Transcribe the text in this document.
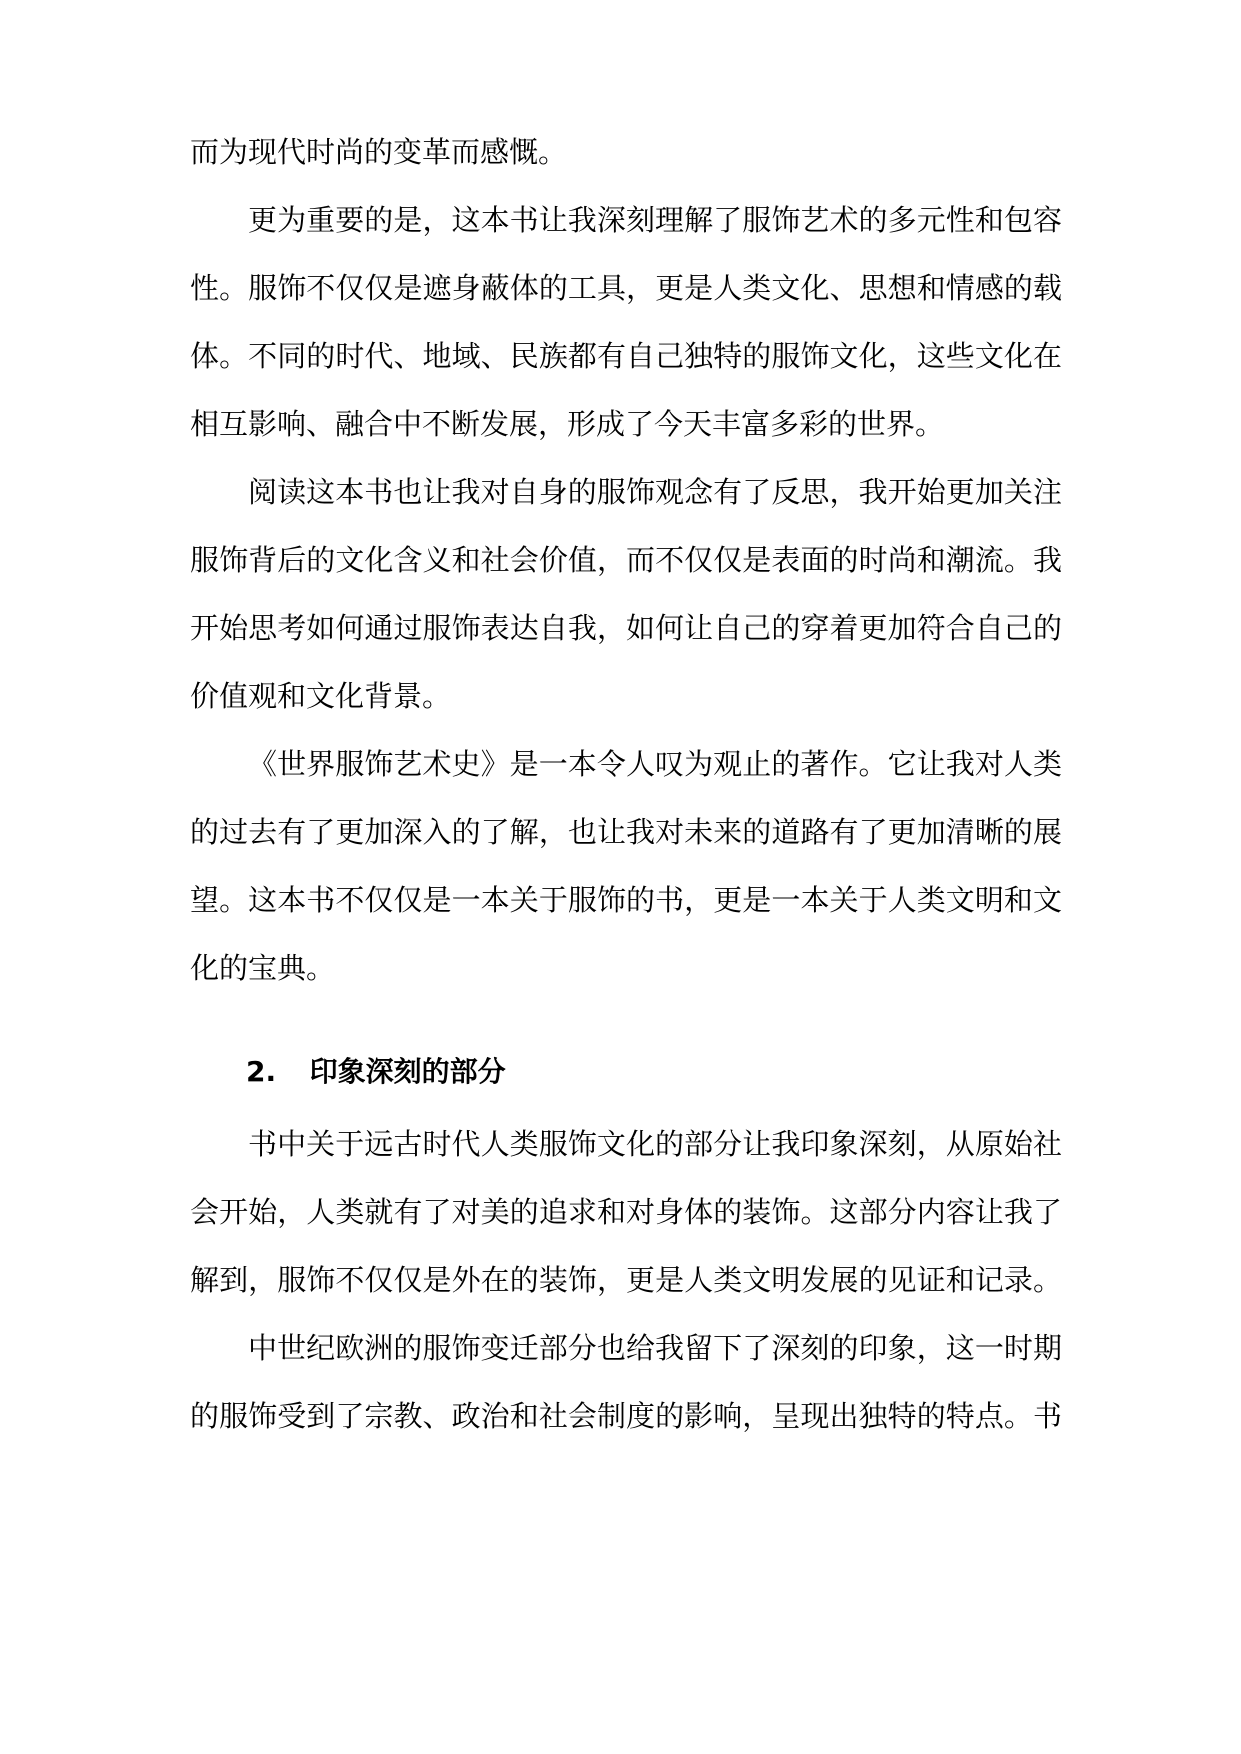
而为现代时尚的变革而感慨。
更为重要的是，这本书让我深刻理解了服饰艺术的多元性和包容
性。服饰不仅仅是遮身蔽体的工具，更是人类文化、思想和情感的载
体。不同的时代、地域、民族都有自己独特的服饰文化，这些文化在
相互影响、融合中不断发展，形成了今天丰富多彩的世界。
阅读这本书也让我对自身的服饰观念有了反思，我开始更加关注
服饰背后的文化含义和社会价值，而不仅仅是表面的时尚和潮流。我
开始思考如何通过服饰表达自我，如何让自己的穿着更加符合自己的
价值观和文化背景。
《世界服饰艺术史》是一本令人叹为观止的著作。它让我对人类
的过去有了更加深入的了解，也让我对未来的道路有了更加清晰的展
望。这本书不仅仅是一本关于服饰的书，更是一本关于人类文明和文
化的宝典。
2. 印象深刻的部分
书中关于远古时代人类服饰文化的部分让我印象深刻，从原始社
会开始，人类就有了对美的追求和对身体的装饰。这部分内容让我了
解到，服饰不仅仅是外在的装饰，更是人类文明发展的见证和记录。
中世纪欧洲的服饰变迁部分也给我留下了深刻的印象，这一时期
的服饰受到了宗教、政治和社会制度的影响，呈现出独特的特点。书
